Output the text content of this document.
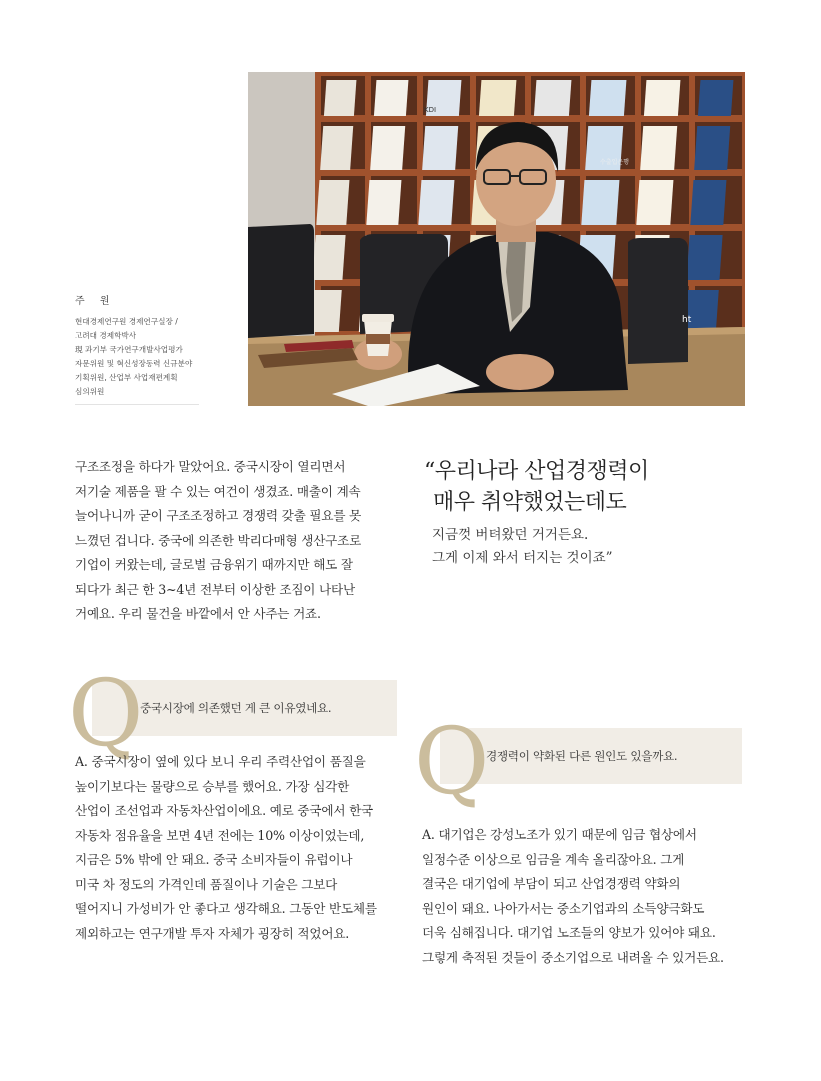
KDI
수출입은행
ht
주 원
현대경제연구원 경제연구실장 /
고려대 경제학박사
現 과기부 국가연구개발사업평가
자문위원 및 혁신성장동력 신규분야
기획위원, 산업부 사업재편계획
심의위원
구조조정을 하다가 말았어요. 중국시장이 열리면서
저기술 제품을 팔 수 있는 여건이 생겼죠. 매출이 계속
늘어나니까 굳이 구조조정하고 경쟁력 갖출 필요를 못
느꼈던 겁니다. 중국에 의존한 박리다매형 생산구조로
기업이 커왔는데, 글로벌 금융위기 때까지만 해도 잘
되다가 최근 한 3~4년 전부터 이상한 조짐이 나타난
거예요. 우리 물건을 바깥에서 안 사주는 거죠.
“우리나라 산업경쟁력이
매우 취약했었는데도
지금껏 버텨왔던 거거든요.
그게 이제 와서 터지는 것이죠”
Q
중국시장에 의존했던 게 큰 이유였네요.
A. 중국시장이 옆에 있다 보니 우리 주력산업이 품질을
높이기보다는 물량으로 승부를 했어요. 가장 심각한
산업이 조선업과 자동차산업이에요. 예로 중국에서 한국
자동차 점유율을 보면 4년 전에는 10% 이상이었는데,
지금은 5% 밖에 안 돼요. 중국 소비자들이 유럽이나
미국 차 정도의 가격인데 품질이나 기술은 그보다
떨어지니 가성비가 안 좋다고 생각해요. 그동안 반도체를
제외하고는 연구개발 투자 자체가 굉장히 적었어요.
Q
경쟁력이 약화된 다른 원인도 있을까요.
A. 대기업은 강성노조가 있기 때문에 임금 협상에서
일정수준 이상으로 임금을 계속 올리잖아요. 그게
결국은 대기업에 부담이 되고 산업경쟁력 약화의
원인이 돼요. 나아가서는 중소기업과의 소득양극화도
더욱 심해집니다. 대기업 노조들의 양보가 있어야 돼요.
그렇게 축적된 것들이 중소기업으로 내려올 수 있거든요.
